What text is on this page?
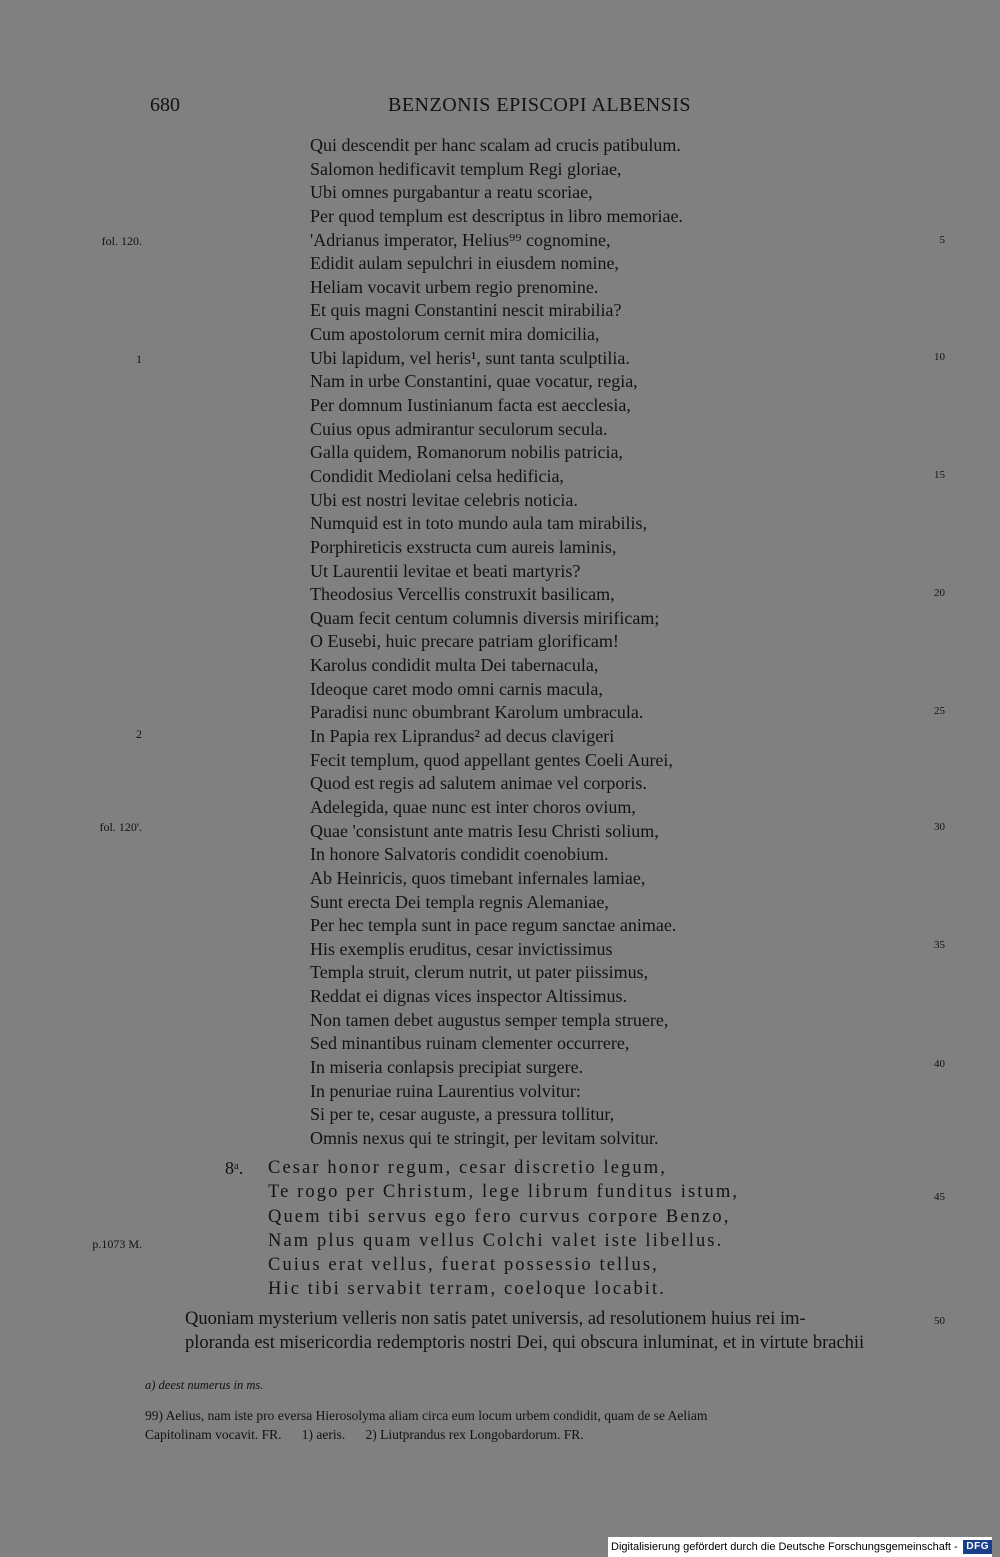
680	BENZONIS EPISCOPI ALBENSIS
Qui descendit per hanc scalam ad crucis patibulum.
Salomon hedificavit templum Regi gloriae,
Ubi omnes purgabantur a reatu scoriae,
Per quod templum est descriptus in libro memoriae.
'Adrianus imperator, Helius⁹⁹ cognomine,
Edidit aulam sepulchri in eiusdem nomine,
Heliam vocavit urbem regio prenomine.
Et quis magni Constantini nescit mirabilia?
Cum apostolorum cernit mira domicilia,
Ubi lapidum, vel heris¹, sunt tanta sculptilia.
Nam in urbe Constantini, quae vocatur, regia,
Per domnum Iustinianum facta est aecclesia,
Cuius opus admirantur seculorum secula.
Galla quidem, Romanorum nobilis patricia,
Condidit Mediolani celsa hedificia,
Ubi est nostri levitae celebris noticia.
Numquid est in toto mundo aula tam mirabilis,
Porphireticis exstructa cum aureis laminis,
Ut Laurentii levitae et beati martyris?
Theodosius Vercellis construxit basilicam,
Quam fecit centum columnis diversis mirificam;
O Eusebi, huic precare patriam glorificam!
Karolus condidit multa Dei tabernacula,
Ideoque caret modo omni carnis macula,
Paradisi nunc obumbrant Karolum umbracula.
In Papia rex Liprandus² ad decus clavigeri
Fecit templum, quod appellant gentes Coeli Aurei,
Quod est regis ad salutem animae vel corporis.
Adelegida, quae nunc est inter choros ovium,
Quae 'consistunt ante matris Iesu Christi solium,
In honore Salvatoris condidit coenobium.
Ab Heinricis, quos timebant infernales lamiae,
Sunt erecta Dei templa regnis Alemaniae,
Per hec templa sunt in pace regum sanctae animae.
His exemplis eruditus, cesar invictissimus
Templa struit, clerum nutrit, ut pater piissimus,
Reddat ei dignas vices inspector Altissimus.
Non tamen debet augustus semper templa struere,
Sed minantibus ruinam clementer occurrere,
In miseria conlapsis precipiat surgere.
In penuriae ruina Laurentius volvitur:
Si per te, cesar auguste, a pressura tollitur,
Omnis nexus qui te stringit, per levitam solvitur.
fol. 120.
1
2
fol. 120'.
p.1073 M.
5
10
15
20
25
30
35
40
45
50
8ᵃ. Cesar honor regum, cesar discretio legum,
Te rogo per Christum, lege librum funditus istum,
Quem tibi servus ego fero curvus corpore Benzo,
Nam plus quam vellus Colchi valet iste libellus.
Cuius erat vellus, fuerat possessio tellus,
Hic tibi servabit terram, coeloque locabit.

Quoniam mysterium velleris non satis patet universis, ad resolutionem huius rei im-

ploranda est misericordia redemptoris nostri Dei, qui obscura inluminat, et in virtute brachii

a) deest numerus in ms.

99) Aelius, nam iste pro eversa Hierosolyma aliam circa eum locum urbem condidit, quam de se Aeliam

Capitolinam vocavit. FR.      1) aeris.      2) Liutprandus rex Longobardorum. FR.

Digitalisierung gefördert durch die Deutsche Forschungsgemeinschaft - DFG
